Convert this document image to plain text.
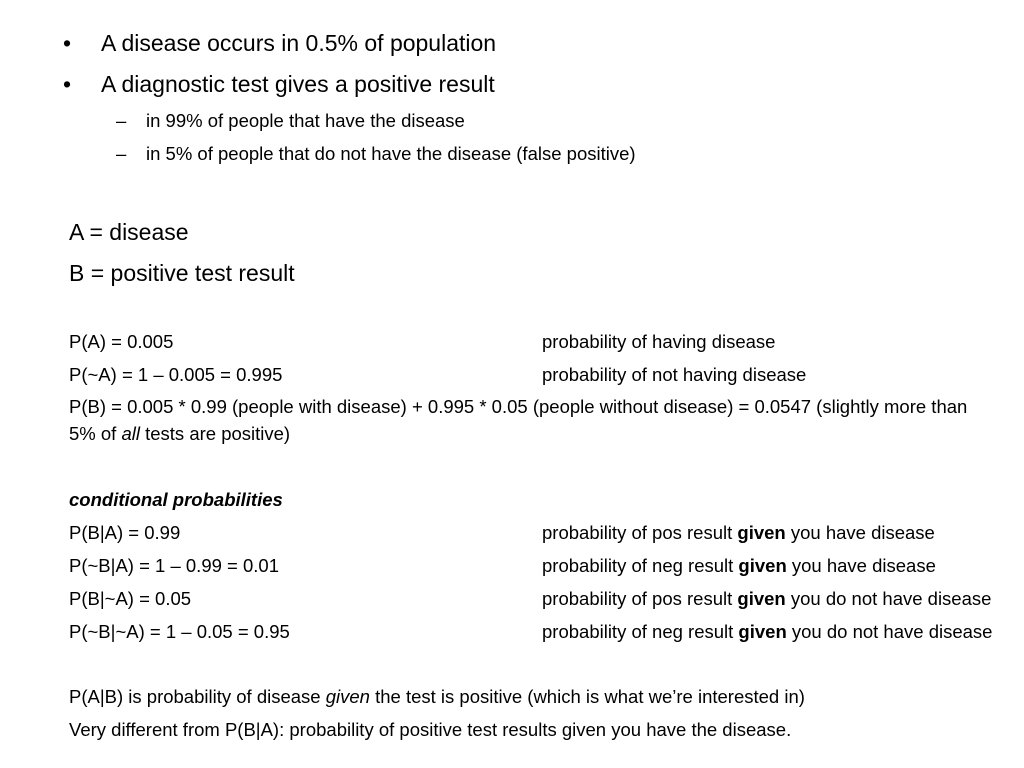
• A disease occurs in 0.5% of population
• A diagnostic test gives a positive result
– in 99% of people that have the disease
– in 5% of people that do not have the disease (false positive)
A = disease
B = positive test result
P(A) = 0.005	probability of having disease
P(~A) = 1 – 0.005 = 0.995	probability of not having disease
P(B) = 0.005 * 0.99 (people with disease) + 0.995 * 0.05 (people without disease) = 0.0547 (slightly more than 5% of all tests are positive)
conditional probabilities
P(B|A) = 0.99	probability of pos result given you have disease
P(~B|A) = 1 – 0.99 = 0.01	probability of neg result given you have disease
P(B|~A) = 0.05	probability of pos result given you do not have disease
P(~B|~A) = 1 – 0.05 = 0.95	probability of neg result given you do not have disease
P(A|B) is probability of disease given the test is positive (which is what we’re interested in)
Very different from P(B|A): probability of positive test results given you have the disease.
